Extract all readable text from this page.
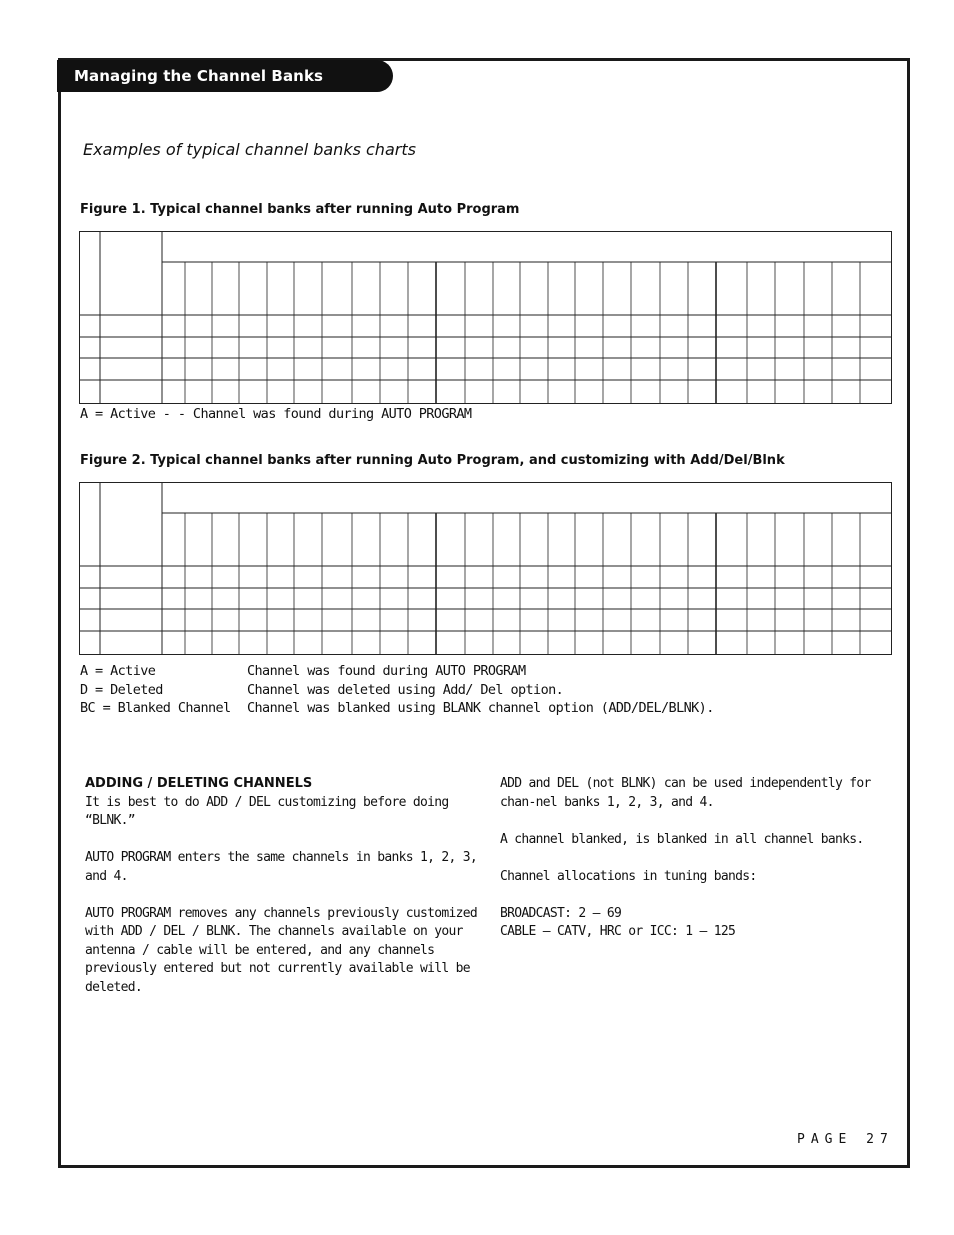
Managing the Channel Banks
Examples of typical channel banks charts
Figure 1. Typical channel banks after running Auto Program
A = Active - - Channel was found during AUTO PROGRAM
Figure 2. Typical channel banks after running Auto Program, and customizing with Add/Del/Blnk
A = Active	Channel was found during AUTO PROGRAM
D = Deleted	Channel was deleted using Add/ Del option.
BC = Blanked Channel	Channel was blanked using BLANK channel option (ADD/DEL/BLNK).
ADDING / DELETING CHANNELS

It is best to do ADD / DEL customizing before doing “BLNK.”

AUTO PROGRAM enters the same channels in banks 1, 2, 3, and 4.

AUTO PROGRAM removes any channels previously customized with ADD / DEL / BLNK. The channels available on your antenna / cable will be entered, and any channels previously entered but not currently available will be deleted.

ADD and DEL (not BLNK) can be used independently for chan-nel banks 1, 2, 3, and 4.

A channel blanked, is blanked in all channel banks.

Channel allocations in tuning bands:

BROADCAST: 2 – 69
CABLE – CATV, HRC or ICC: 1 – 125
PAGE 27
